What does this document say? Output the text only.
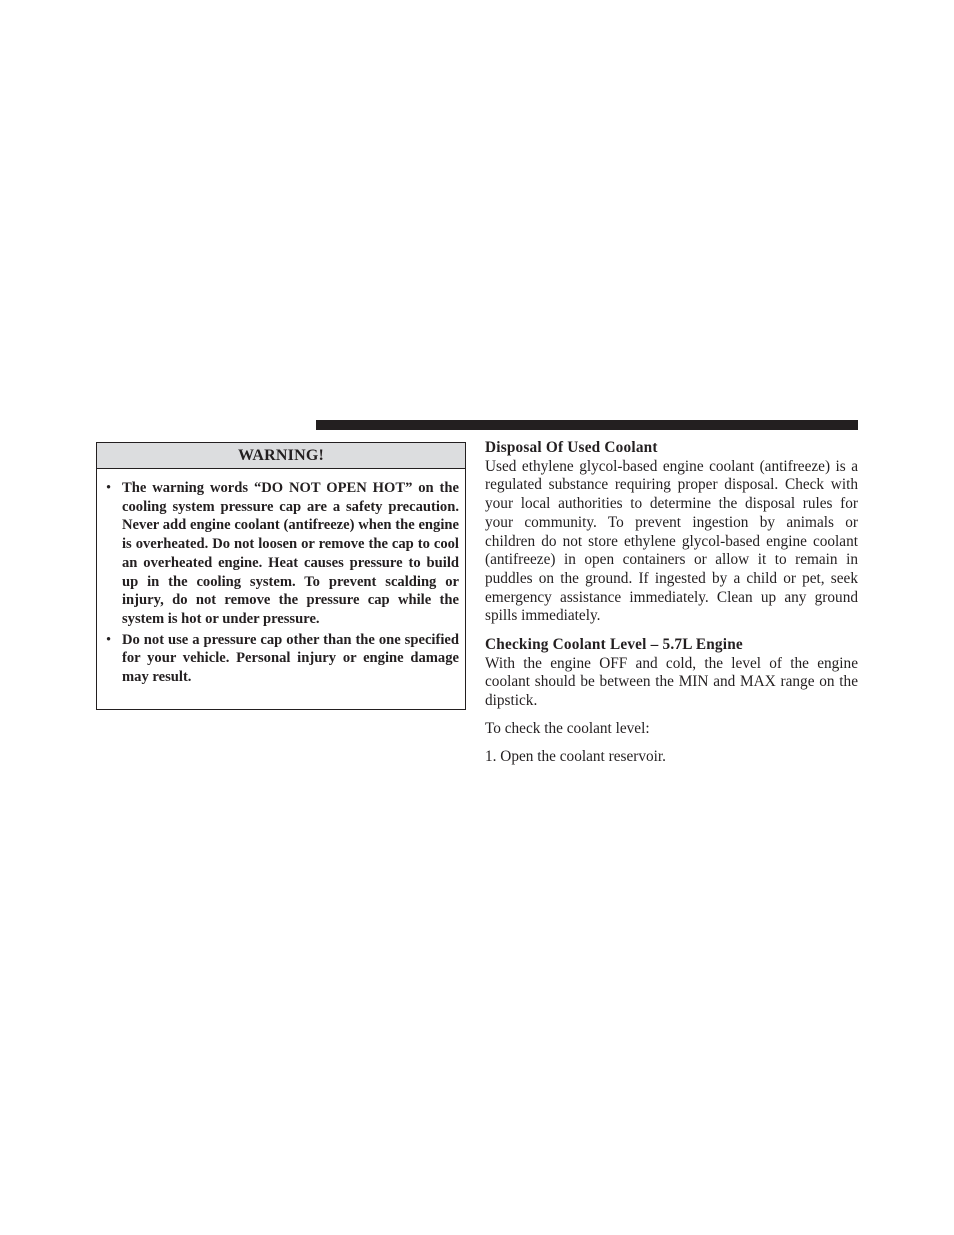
WARNING!
• The warning words “DO NOT OPEN HOT” on the cooling system pressure cap are a safety precaution. Never add engine coolant (antifreeze) when the engine is overheated. Do not loosen or remove the cap to cool an overheated engine. Heat causes pressure to build up in the cooling system. To prevent scalding or injury, do not remove the pressure cap while the system is hot or under pressure.
• Do not use a pressure cap other than the one specified for your vehicle. Personal injury or engine damage may result.

Disposal Of Used Coolant

Used ethylene glycol-based engine coolant (antifreeze) is a regulated substance requiring proper disposal. Check with your local authorities to determine the disposal rules for your community. To prevent ingestion by animals or children do not store ethylene glycol-based engine coolant (antifreeze) in open containers or allow it to remain in puddles on the ground. If ingested by a child or pet, seek emergency assistance immediately. Clean up any ground spills immediately.

Checking Coolant Level – 5.7L Engine

With the engine OFF and cold, the level of the engine coolant should be between the MIN and MAX range on the dipstick.

To check the coolant level:

1. Open the coolant reservoir.
